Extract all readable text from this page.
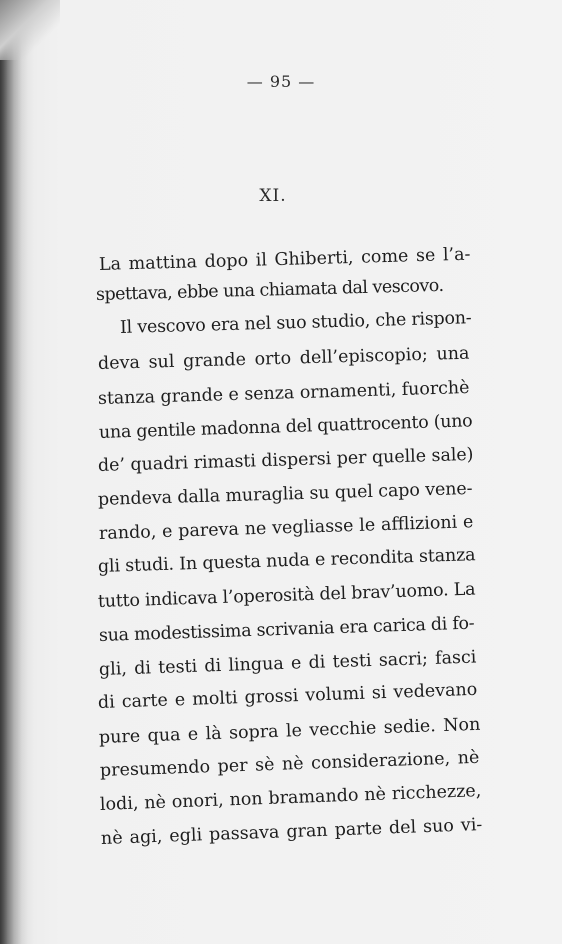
— 95 —
XI.
La mattina dopo il Ghiberti, come se l’a-
spettava, ebbe una chiamata dal vescovo.
Il vescovo era nel suo studio, che rispon-
deva sul grande orto dell’episcopio; una
stanza grande e senza ornamenti, fuorchè
una gentile madonna del quattrocento (uno
de’ quadri rimasti dispersi per quelle sale)
pendeva dalla muraglia su quel capo vene-
rando, e pareva ne vegliasse le afflizioni e
gli studi. In questa nuda e recondita stanza
tutto indicava l’operosità del brav’uomo. La
sua modestissima scrivania era carica di fo-
gli, di testi di lingua e di testi sacri; fasci
di carte e molti grossi volumi si vedevano
pure qua e là sopra le vecchie sedie. Non
presumendo per sè nè considerazione, nè
lodi, nè onori, non bramando nè ricchezze,
nè agi, egli passava gran parte del suo vi-
